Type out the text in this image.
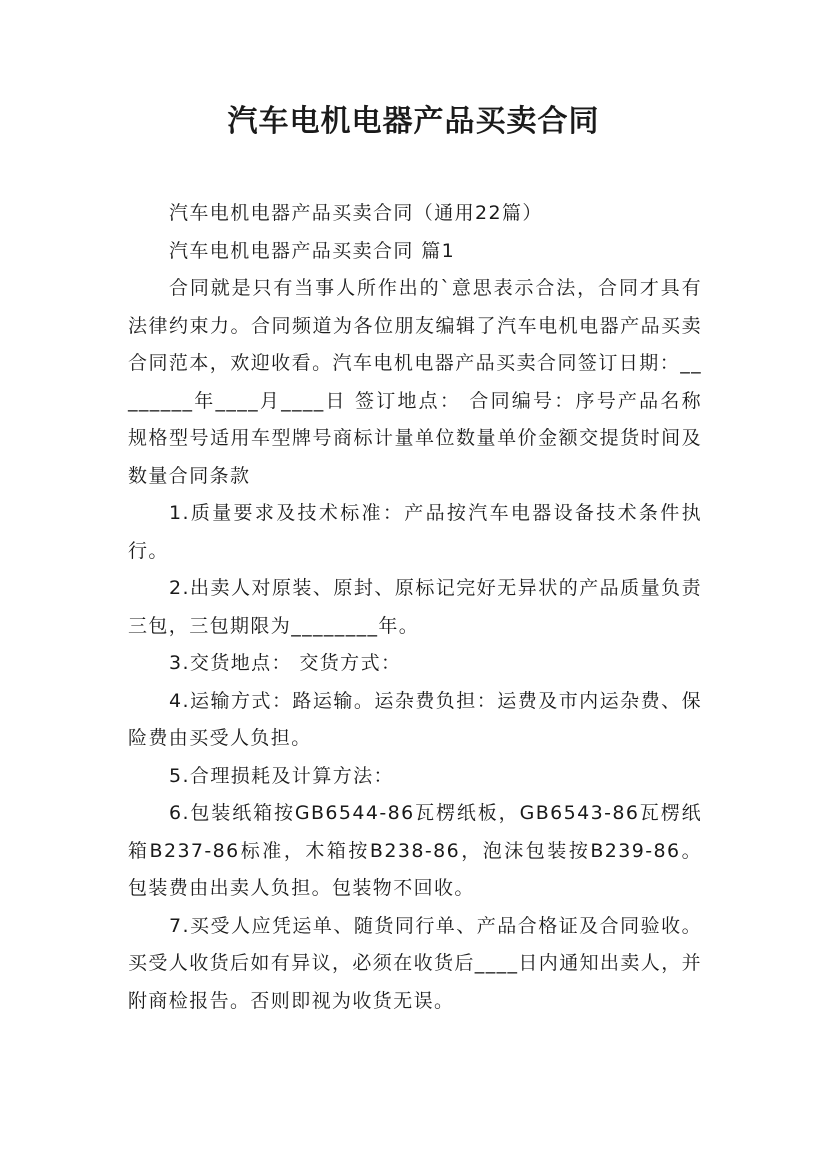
汽车电机电器产品买卖合同

汽车电机电器产品买卖合同（通用22篇）

汽车电机电器产品买卖合同 篇1

合同就是只有当事人所作出的`意思表示合法，合同才具有法律约束力。合同频道为各位朋友编辑了汽车电机电器产品买卖合同范本，欢迎收看。汽车电机电器产品买卖合同签订日期：________年____月____日 签订地点： 合同编号：序号产品名称规格型号适用车型牌号商标计量单位数量单价金额交提货时间及数量合同条款

1.质量要求及技术标准：产品按汽车电器设备技术条件执行。

2.出卖人对原装、原封、原标记完好无异状的产品质量负责三包，三包期限为________年。

3.交货地点： 交货方式：

4.运输方式：路运输。运杂费负担：运费及市内运杂费、保险费由买受人负担。

5.合理损耗及计算方法：

6.包装纸箱按GB6544-86瓦楞纸板，GB6543-86瓦楞纸箱B237-86标准，木箱按B238-86，泡沫包装按B239-86。包装费由出卖人负担。包装物不回收。

7.买受人应凭运单、随货同行单、产品合格证及合同验收。买受人收货后如有异议，必须在收货后____日内通知出卖人，并附商检报告。否则即视为收货无误。
